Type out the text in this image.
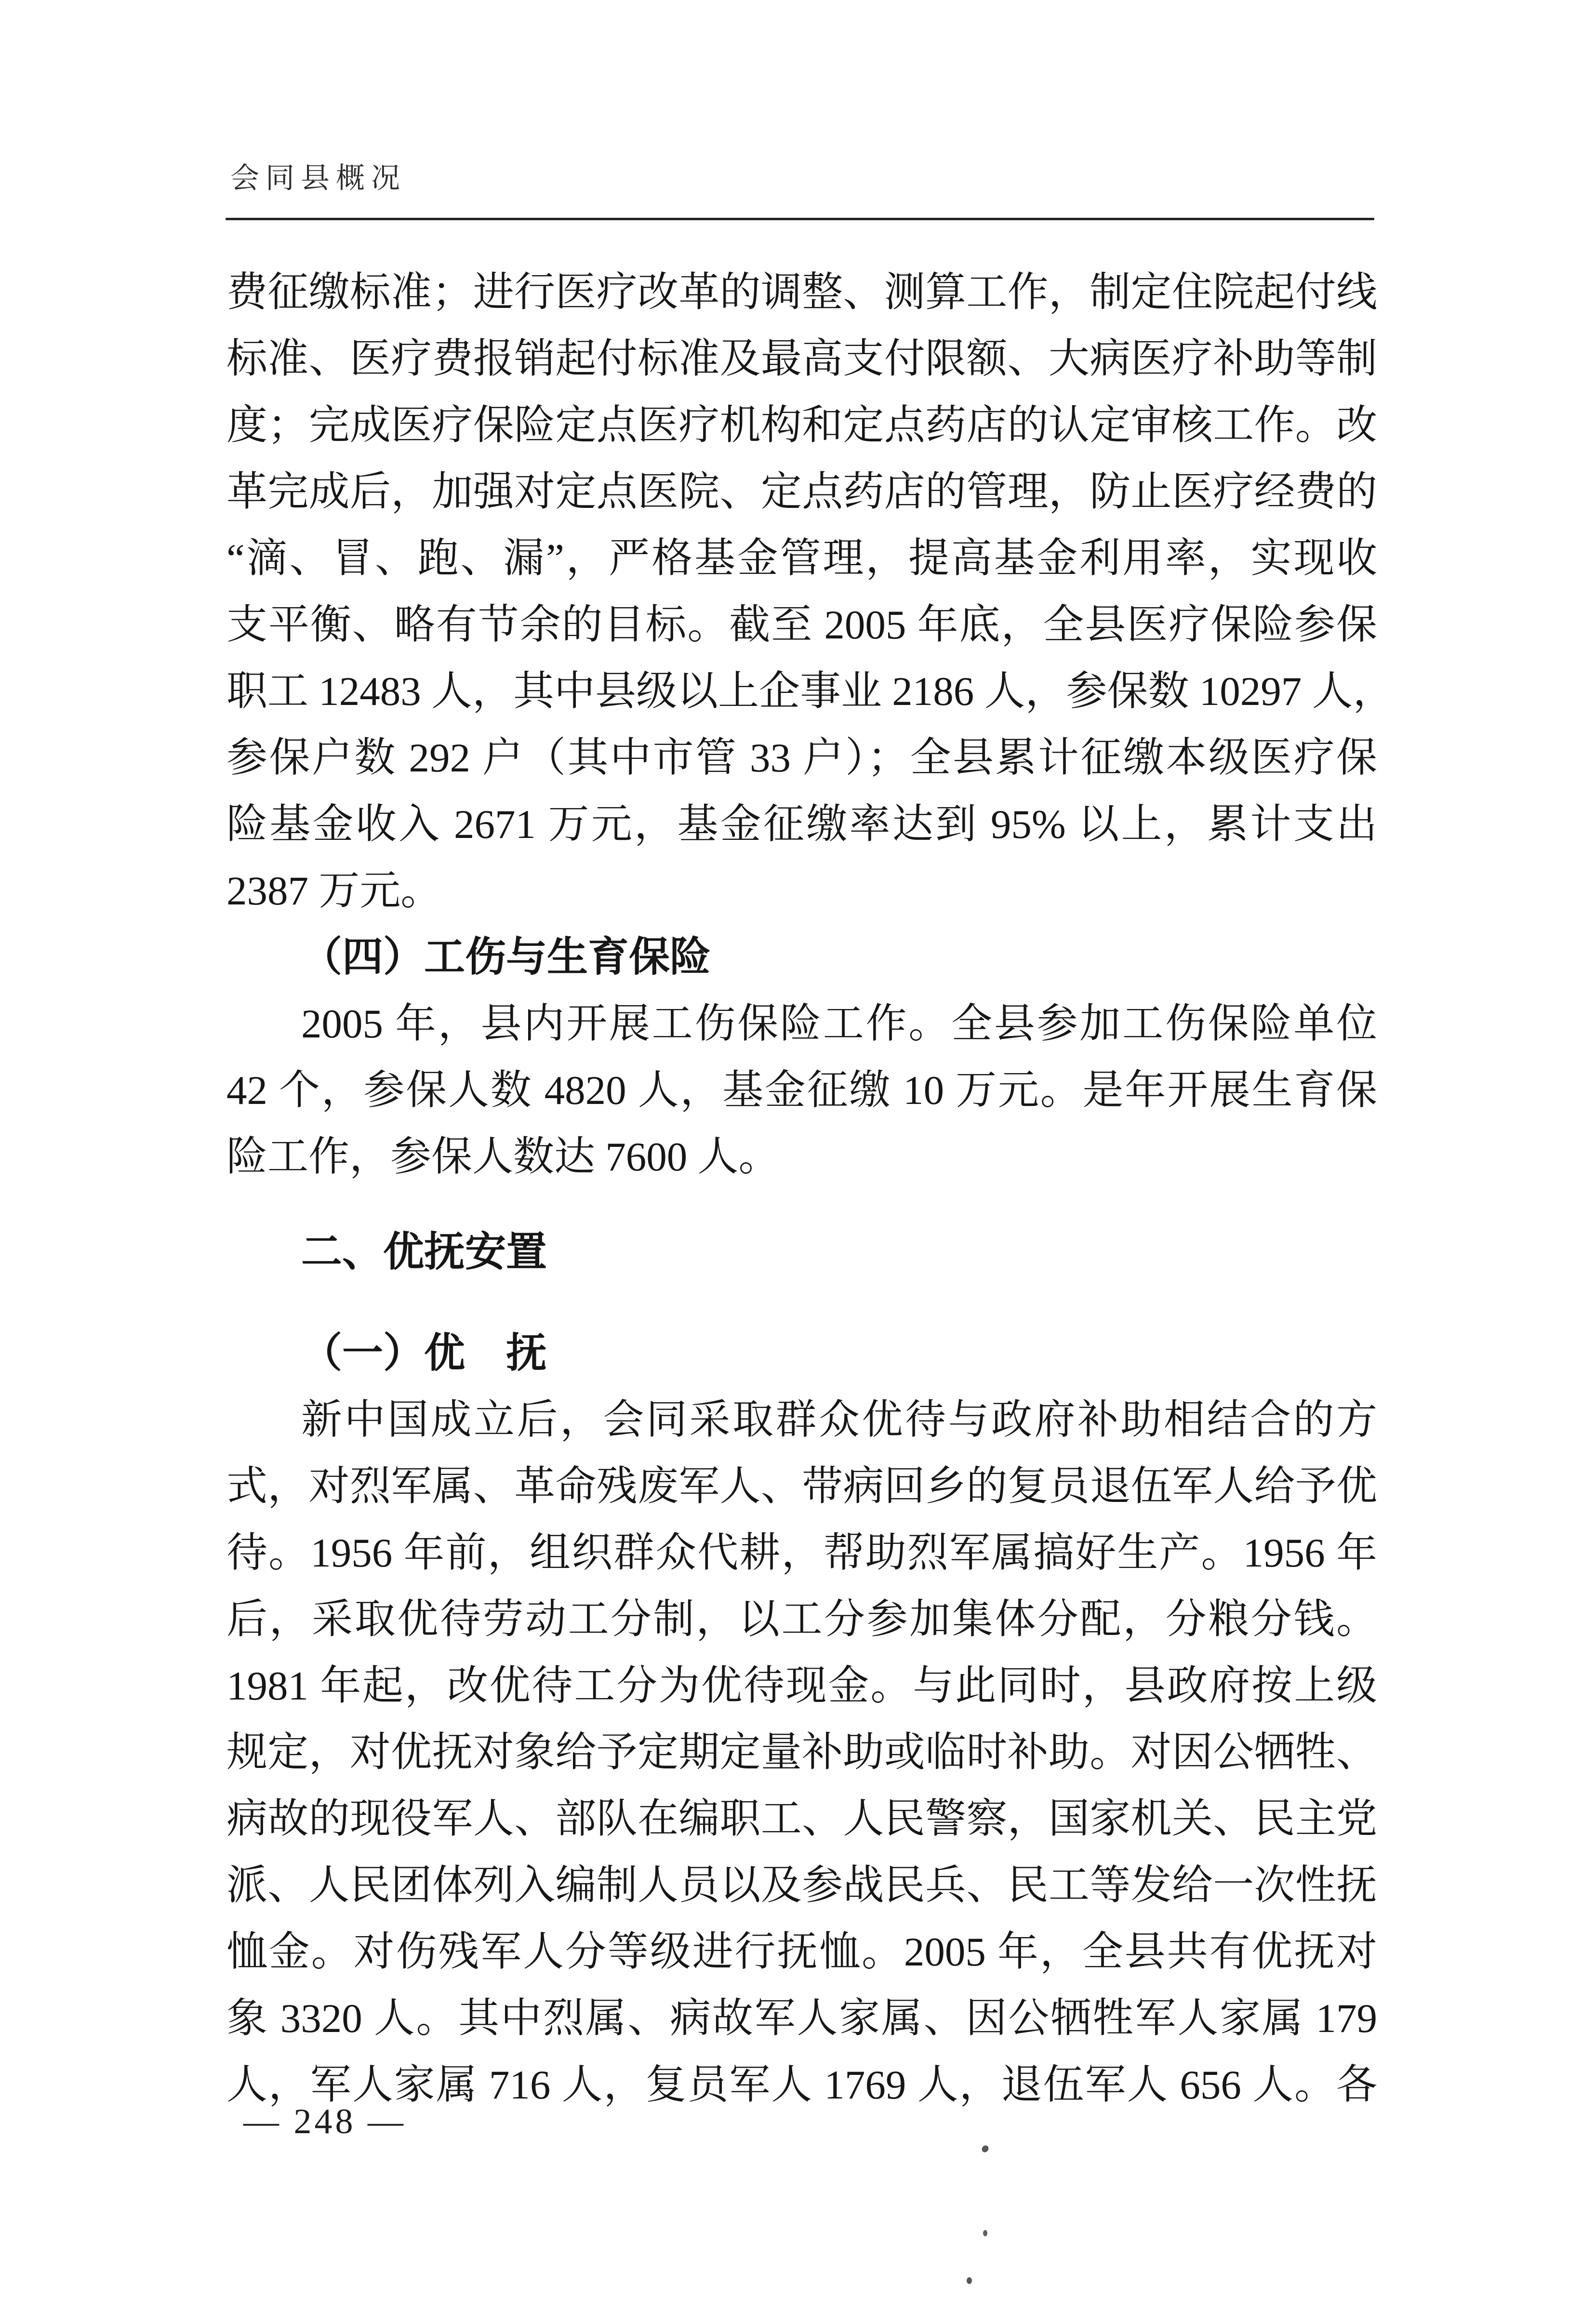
会同县概况
费征缴标准；进行医疗改革的调整、测算工作，制定住院起付线
标准、医疗费报销起付标准及最高支付限额、大病医疗补助等制
度；完成医疗保险定点医疗机构和定点药店的认定审核工作。改
革完成后，加强对定点医院、定点药店的管理，防止医疗经费的
“滴、冒、跑、漏”，严格基金管理，提高基金利用率，实现收
支平衡、略有节余的目标。截至 2005 年底，全县医疗保险参保
职工 12483 人，其中县级以上企事业 2186 人，参保数 10297 人，
参保户数 292 户（其中市管 33 户）；全县累计征缴本级医疗保
险基金收入 2671 万元，基金征缴率达到 95% 以上，累计支出
2387 万元。
（四）工伤与生育保险
2005 年，县内开展工伤保险工作。全县参加工伤保险单位
42 个，参保人数 4820 人，基金征缴 10 万元。是年开展生育保
险工作，参保人数达 7600 人。
二、优抚安置
（一）优　抚
新中国成立后，会同采取群众优待与政府补助相结合的方
式，对烈军属、革命残废军人、带病回乡的复员退伍军人给予优
待。1956 年前，组织群众代耕，帮助烈军属搞好生产。1956 年
后，采取优待劳动工分制，以工分参加集体分配，分粮分钱。
1981 年起，改优待工分为优待现金。与此同时，县政府按上级
规定，对优抚对象给予定期定量补助或临时补助。对因公牺牲、
病故的现役军人、部队在编职工、人民警察，国家机关、民主党
派、人民团体列入编制人员以及参战民兵、民工等发给一次性抚
恤金。对伤残军人分等级进行抚恤。2005 年，全县共有优抚对
象 3320 人。其中烈属、病故军人家属、因公牺牲军人家属 179
人，军人家属 716 人，复员军人 1769 人，退伍军人 656 人。各
— 248 —
